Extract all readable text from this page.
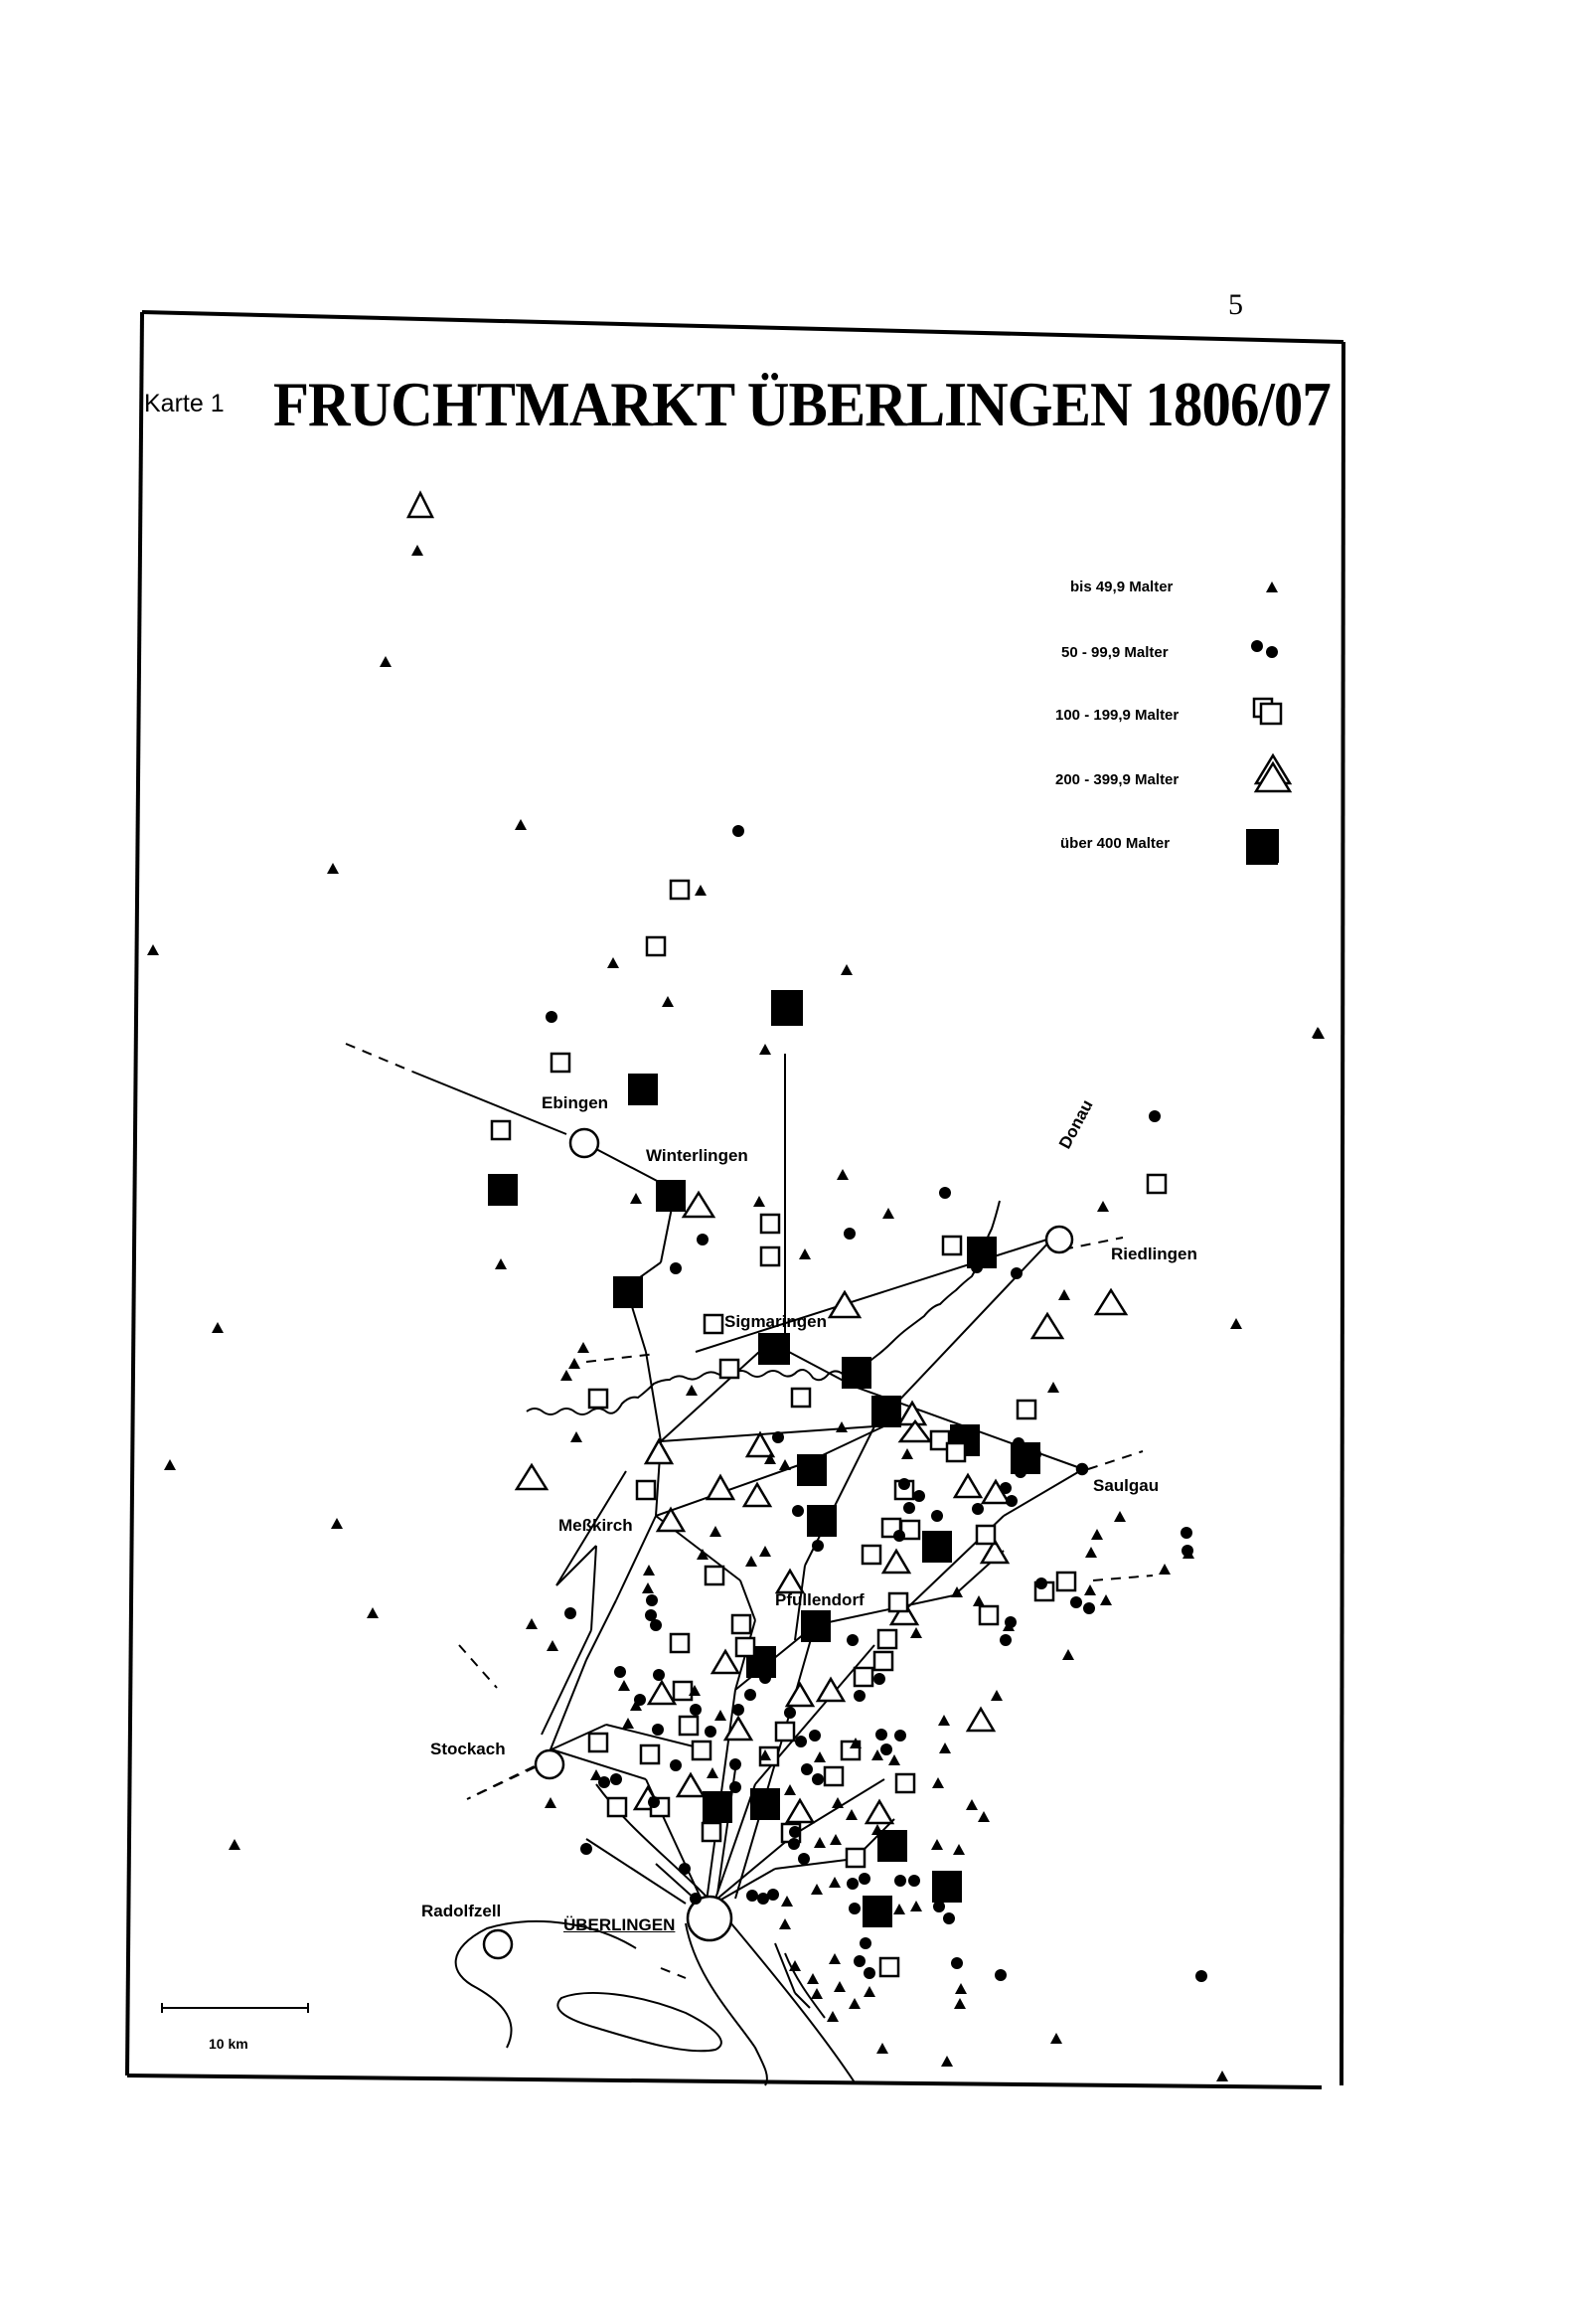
5
Karte 1 FRUCHTMARKT ÜBERLINGEN 1806/07
bis 49,9 Malter
50 - 99,9 Malter
100 - 199,9 Malter
200 - 399,9 Malter
über 400 Malter
Ebingen
Winterlingen
Donau
Riedlingen
Sigmaringen
Saulgau
Meßkirch
Pfullendorf
Stockach
Radolfzell
ÜBERLINGEN
10 km
